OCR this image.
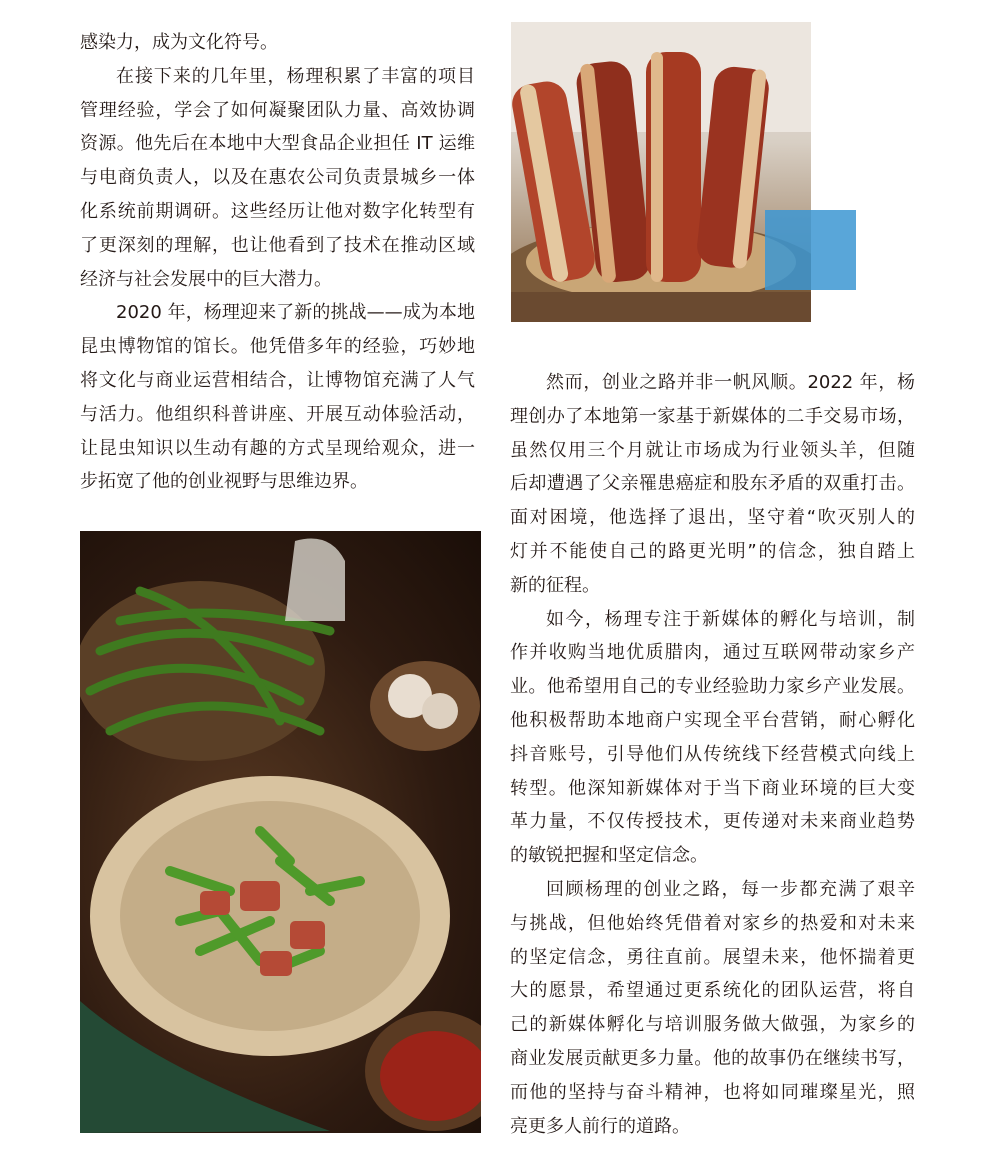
感染力，成为文化符号。
在接下来的几年里，杨理积累了丰富的项目
管理经验，学会了如何凝聚团队力量、高效协调
资源。他先后在本地中大型食品企业担任 IT 运维
与电商负责人，以及在惠农公司负责景城乡一体
化系统前期调研。这些经历让他对数字化转型有
了更深刻的理解，也让他看到了技术在推动区域
经济与社会发展中的巨大潜力。
2020 年，杨理迎来了新的挑战——成为本地
昆虫博物馆的馆长。他凭借多年的经验，巧妙地
将文化与商业运营相结合，让博物馆充满了人气
与活力。他组织科普讲座、开展互动体验活动，
让昆虫知识以生动有趣的方式呈现给观众，进一
步拓宽了他的创业视野与思维边界。
然而，创业之路并非一帆风顺。2022 年，杨
理创办了本地第一家基于新媒体的二手交易市场，
虽然仅用三个月就让市场成为行业领头羊，但随
后却遭遇了父亲罹患癌症和股东矛盾的双重打击。
面对困境，他选择了退出，坚守着“吹灭别人的
灯并不能使自己的路更光明”的信念，独自踏上
新的征程。
如今，杨理专注于新媒体的孵化与培训，制
作并收购当地优质腊肉，通过互联网带动家乡产
业。他希望用自己的专业经验助力家乡产业发展。
他积极帮助本地商户实现全平台营销，耐心孵化
抖音账号，引导他们从传统线下经营模式向线上
转型。他深知新媒体对于当下商业环境的巨大变
革力量，不仅传授技术，更传递对未来商业趋势
的敏锐把握和坚定信念。
回顾杨理的创业之路，每一步都充满了艰辛
与挑战，但他始终凭借着对家乡的热爱和对未来
的坚定信念，勇往直前。展望未来，他怀揣着更
大的愿景，希望通过更系统化的团队运营，将自
己的新媒体孵化与培训服务做大做强，为家乡的
商业发展贡献更多力量。他的故事仍在继续书写，
而他的坚持与奋斗精神，也将如同璀璨星光，照
亮更多人前行的道路。
